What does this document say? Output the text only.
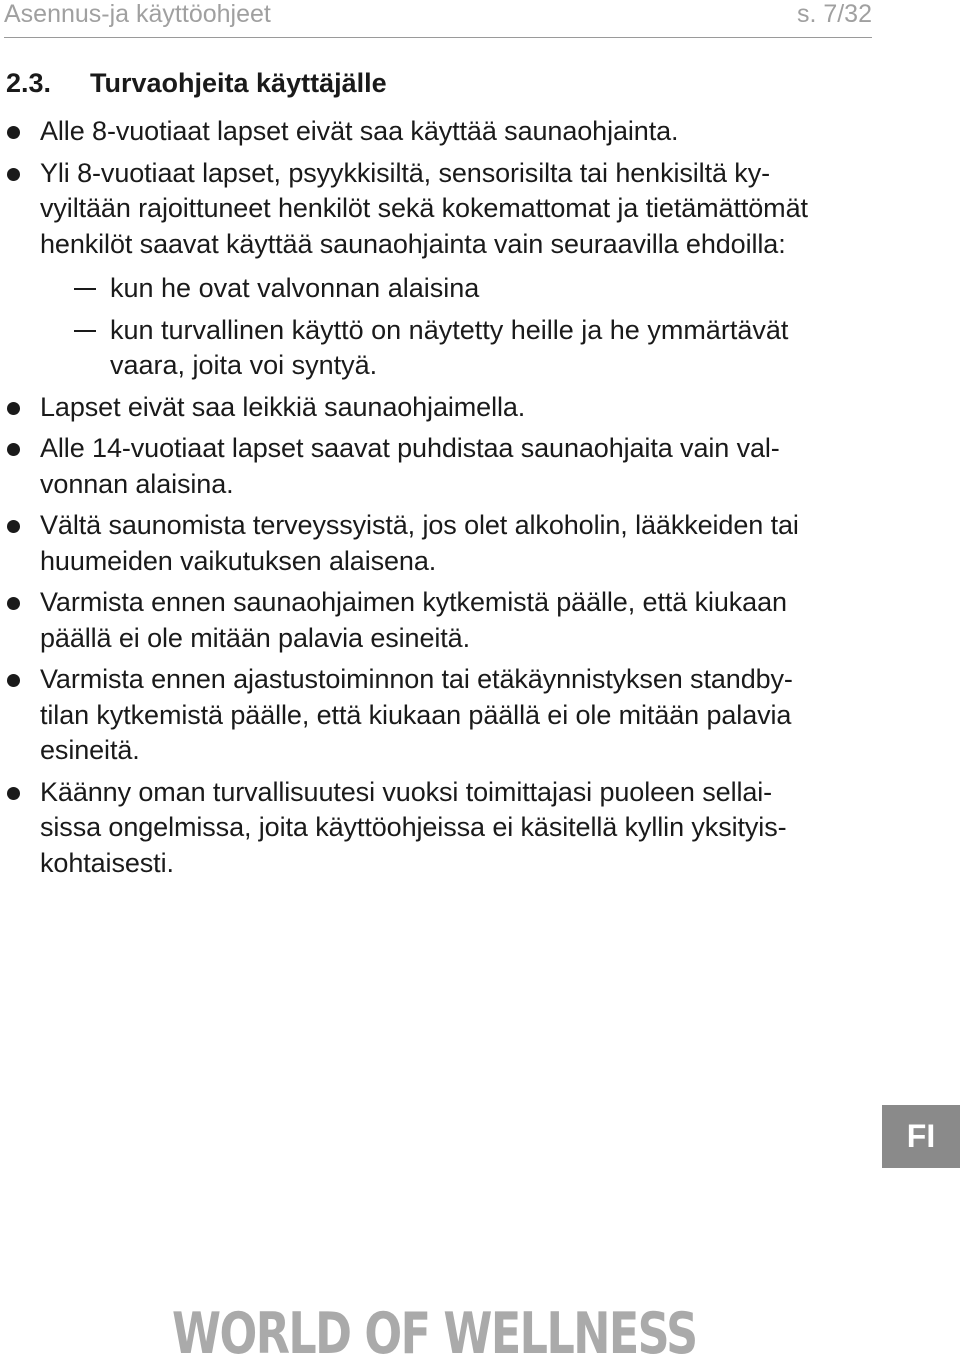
Asennus-ja käyttöohjeet	s. 7/32
2.3. Turvaohjeita käyttäjälle
Alle 8-vuotiaat lapset eivät saa käyttää saunaohjainta.
Yli 8-vuotiaat lapset, psyykkisiltä, sensorisilta tai henkisiltä ky-
vyiltään rajoittuneet henkilöt sekä kokemattomat ja tietämättömät
henkilöt saavat käyttää saunaohjainta vain seuraavilla ehdoilla:
kun he ovat valvonnan alaisina
kun turvallinen käyttö on näytetty heille ja he ymmärtävät
vaara, joita voi syntyä.
Lapset eivät saa leikkiä saunaohjaimella.
Alle 14-vuotiaat lapset saavat puhdistaa saunaohjaita vain val-
vonnan alaisina.
Vältä saunomista terveyssyistä, jos olet alkoholin, lääkkeiden tai
huumeiden vaikutuksen alaisena.
Varmista ennen saunaohjaimen kytkemistä päälle, että kiukaan
päällä ei ole mitään palavia esineitä.
Varmista ennen ajastustoiminnon tai etäkäynnistyksen standby-
tilan kytkemistä päälle, että kiukaan päällä ei ole mitään palavia
esineitä.
Käänny oman turvallisuutesi vuoksi toimittajasi puoleen sellai-
sissa ongelmissa, joita käyttöohjeissa ei käsitellä kyllin yksityis-
kohtaisesti.
FI
WORLD OF WELLNESS
